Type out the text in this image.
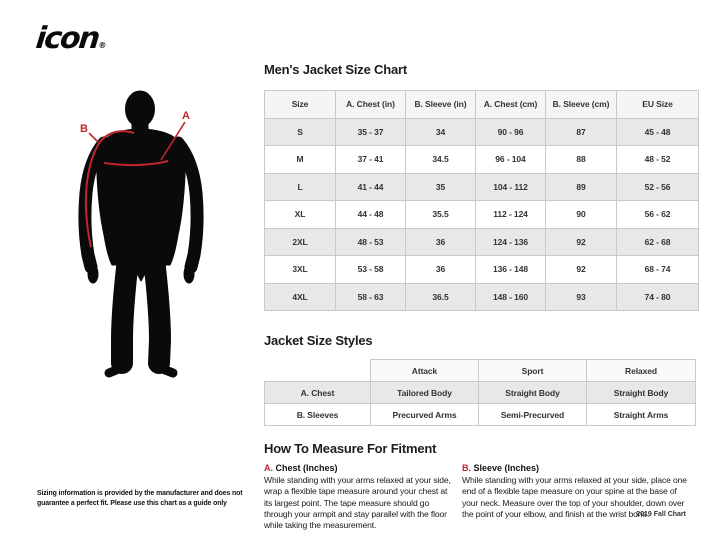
icon®
A
B
Men's Jacket Size Chart
Size	A. Chest (in)	B. Sleeve (in)	A. Chest (cm)	B. Sleeve (cm)	EU Size
S	35 - 37	34	90 - 96	87	45 - 48
M	37 - 41	34.5	96 - 104	88	48 - 52
L	41 - 44	35	104 - 112	89	52 - 56
XL	44 - 48	35.5	112 - 124	90	56 - 62
2XL	48 - 53	36	124 - 136	92	62 - 68
3XL	53 - 58	36	136 - 148	92	68 - 74
4XL	58 - 63	36.5	148 - 160	93	74 - 80
Jacket Size Styles
	Attack	Sport	Relaxed
A. Chest	Tailored Body	Straight Body	Straight Body
B. Sleeves	Precurved Arms	Semi-Precurved	Straight Arms
How To Measure For Fitment
A. Chest (Inches)
While standing with your arms relaxed at your side, wrap a flexible tape measure around your chest at its largest point. The tape measure should go through your armpit and stay parallel with the floor while taking the measurement.
B. Sleeve (Inches)
While standing with your arms relaxed at your side, place one end of a flexible tape measure on your spine at the base of your neck. Measure over the top of your shoulder, down over the point of your elbow, and finish at the wrist bone.
Sizing information is provided by the manufacturer and does not guarantee a perfect fit. Please use this chart as a guide only
2019 Fall Chart
